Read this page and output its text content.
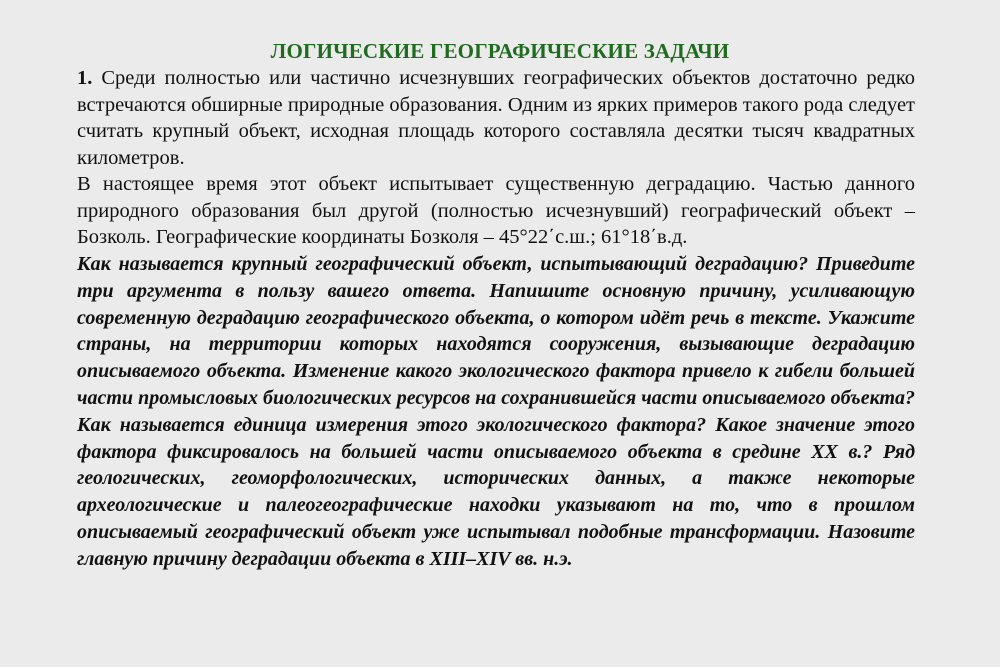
ЛОГИЧЕСКИЕ ГЕОГРАФИЧЕСКИЕ ЗАДАЧИ
1. Среди полностью или частично исчезнувших географических объектов достаточно редко встречаются обширные природные образования. Одним из ярких примеров такого рода следует считать крупный объект, исходная площадь которого составляла десятки тысяч квадратных километров.
В настоящее время этот объект испытывает существенную деградацию. Частью данного природного образования был другой (полностью исчезнувший) географический объект – Бозколь. Географические координаты Бозколя – 45°22΄с.ш.; 61°18΄в.д.
Как называется крупный географический объект, испытывающий деградацию? Приведите три аргумента в пользу вашего ответа. Напишите основную причину, усиливающую современную деградацию географического объекта, о котором идёт речь в тексте. Укажите страны, на территории которых находятся сооружения, вызывающие деградацию описываемого объекта. Изменение какого экологического фактора привело к гибели большей части промысловых биологических ресурсов на сохранившейся части описываемого объекта? Как называется единица измерения этого экологического фактора? Какое значение этого фактора фиксировалось на большей части описываемого объекта в средине XX в.? Ряд геологических, геоморфологических, исторических данных, а также некоторые археологические и палеогеографические находки указывают на то, что в прошлом описываемый географический объект уже испытывал подобные трансформации. Назовите главную причину деградации объекта в XIII–XIV вв. н.э.
